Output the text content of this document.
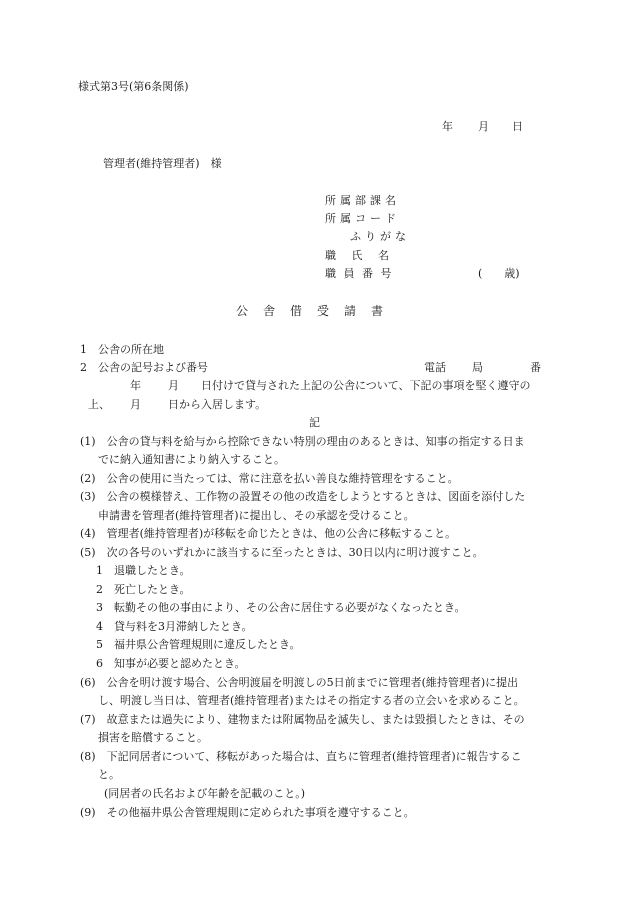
様式第3号(第6条関係)
年 月 日
管理者(維持管理者)　様
所属部課名
所属コード
ふりがな
職 氏 名
職 員 番 号	(　　歳)
公舎借受請書
1　公舎の所在地
2　公舎の記号および番号	電話 局	番
年 月 日付けで貸与された上記の公舎について、下記の事項を堅く遵守の
上、 月 日から入居します。
記
(1)　公舎の貸与料を給与から控除できない特別の理由のあるときは、知事の指定する日ま
でに納入通知書により納入すること。
(2)　公舎の使用に当たっては、常に注意を払い善良な維持管理をすること。
(3)　公舎の模様替え、工作物の設置その他の改造をしようとするときは、図面を添付した
申請書を管理者(維持管理者)に提出し、その承認を受けること。
(4)　管理者(維持管理者)が移転を命じたときは、他の公舎に移転すること。
(5)　次の各号のいずれかに該当するに至ったときは、30日以内に明け渡すこと。
1　退職したとき。
2　死亡したとき。
3　転勤その他の事由により、その公舎に居住する必要がなくなったとき。
4　貸与料を3月滞納したとき。
5　福井県公舎管理規則に違反したとき。
6　知事が必要と認めたとき。
(6)　公舎を明け渡す場合、公舎明渡届を明渡しの5日前までに管理者(維持管理者)に提出
し、明渡し当日は、管理者(維持管理者)またはその指定する者の立会いを求めること。
(7)　故意または過失により、建物または附属物品を滅失し、または毀損したときは、その
損害を賠償すること。
(8)　下記同居者について、移転があった場合は、直ちに管理者(維持管理者)に報告するこ
と。
(同居者の氏名および年齢を記載のこと。)
(9)　その他福井県公舎管理規則に定められた事項を遵守すること。
